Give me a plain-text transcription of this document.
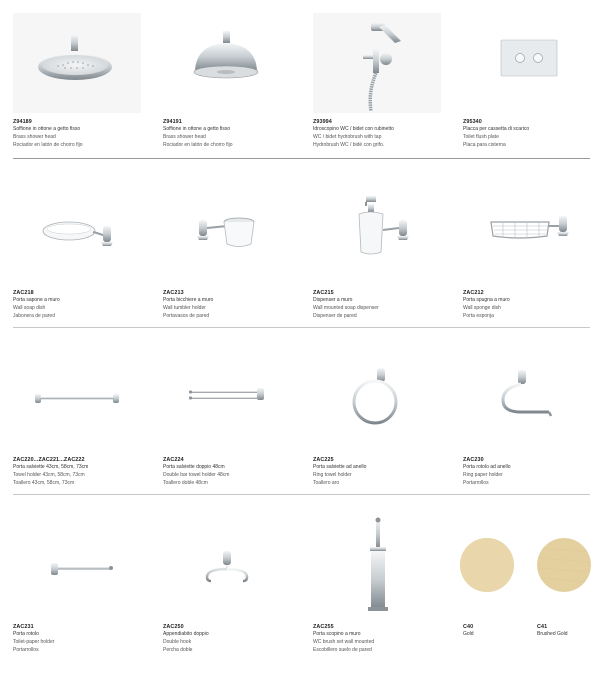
Z94189
Soffione in ottone a getto fisso
Brass shower head
Rociador en latón de chorro fijo
Z94191
Soffione in ottone a getto fisso
Brass shower head
Rociador en latón de chorro fijo
Z93994
Idroscopino WC / bidet con rubinetto
WC / bidet hydrobrush with tap
Hydrobrush WC / bidé con grifo.
Z95340
Placca per cassetta di scarico
Toilet flush plate
Placa para cisterna
ZAC218
Porta sapone a muro
Wall soap dish
Jabonera de pared
ZAC213
Porta bicchiere a muro
Wall tumbler holder
Portavasos de pared
ZAC215
Dispenser a muro
Wall mounted soap dispenser
Dispenser de pared
ZAC212
Porta spugna a muro
Wall sponge dish
Porta esponja
ZAC220...ZAC221...ZAC222
Porta salviette 43cm, 58cm, 73cm
Towel holder 43cm, 58cm, 73cm
Toallero 43cm, 58cm, 73cm
ZAC224
Porta salviette doppio 48cm
Double bar towel holder 48cm
Toallero doble 48cm
ZAC225
Porta salviette ad anello
Ring towel holder
Toallero aro
ZAC230
Porta rotolo ad anello
Ring paper holder
Portarrollos
ZAC231
Porta rotolo
Toilet-paper holder
Portarrollos
ZAC250
Appendiabito doppio
Double hook
Percha doble
ZAC255
Porta scopino a muro
WC brush set wall mounted
Escobillero suelo de pared
C40
Gold
C41
Brushed Gold
